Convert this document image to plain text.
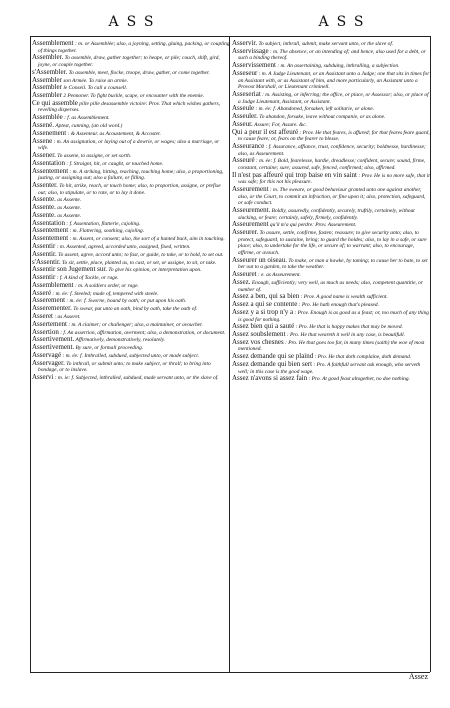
ASS	ASS
Assemblement : m. or Assemblée; also, a joyning, setting, gluing, packing, or coupling of things together.
Assembler. To assemble, draw, gather together; to heape, or pile; couch, shift, gird, joyne, or couple together.
s'Assembler. To assemble, meet, flocke, troope, draw, gather, or come together.
Assembler son Armée. To raise an armie.
Assembler le Conseil. To call a counsell.
Assembler 2 Pennoner. To fight buckle, scape, or encounter with the enemie.
Ce qui assemble pille pille desassemble victoire: Prov. That which wishes gathers, revelling disperses.
Assemblée : f. as Assemblement.
Assené. Aptest, cunning, (an old word.)
Assenement : & Assenteur. as Acoustement, & Accoster.
Assene : m. An assignation, or laying out of a dowrie, or wages; also a marriage, or wife.
Assener. To assene, to assigne, or set sorth.
Assentation : f. Straignt, hit, or caught, or touched home.
Assentement : m. A striking, hitting, reaching, touching home; also, a proportioning, justing, or assigning out; also a failure, or filling.
Assenter. To hit, strike, reach, or touch home; also, to proportion, assigne, or prefixe out; also, to stipulate, or to rate, or to lay it done.
Assente. as Assente.
Assente. as Assente.
Assente. as Assente.
Assentation : f. Assentation, flatterie, cajoling.
Assentement : m. Flattering, soothing, cajoling.
Assentement : m. Assent, or consent; also, the sort of a hunted buck, aim in touching.
Assentir : m. Assented, agreed, accorded unto, assigned, fixed, written.
Assentir. To assent, agree, accord unto; to fast, or guide, to take, or to hold, to set out.
s'Assentir. To sit, settle, place, planted as, to cast, or set, or assigne, to sit, or take.
Assentir son Jugement sur. To give his opinion, or interpretation upon.
Assentir : f. A kind of Tackle, or rage.
Assemblement : m. A soldiers order, or rage.
Asseré : m. ée: f. Steeled; made of, tempered with steele.
Asserement : m. ée: f. Sworne, bound by oath; or put upon his oath.
Asserementer. To swear, put unto an oath, bind by oath, take the oath of.
Asseret : as Asseret.
Assertement : m. A claimer; or challenger; also, a maintainer, or avoucher.
Assertion : f. An assertion, affirmation, averment; also, a demonstration, or document.
Assertivement. Affirmatively, demonstratively, resolutely.
Assertivement. By sure, or formall proceeding.
Asservagé : m. ée: f. Inthralled, subdued, subjected unto, or made subject.
Asservager. To inthrall, or submit unto; to make subject, or thrall; to bring into bondage, or to inslave.
Asservi : m. ie: f. Subjected, inthralled, subdued, made servant unto, or the slave of.
Asservir. To subject, inthrall, submit, make servant unto, or the slave of.
Asservissage : m. The absence, or an intending of; and hence, also used for a debt, or such a binding thereof.
Asservissement : m. An assertaining, subduing, inthralling, a subjection.
Asseseur : m. A Judge Lieutenant, or an Assistant unto a Judge; one that sits in times for an Assistant with, or as Assistant of him, and more particularly, an Assistant unto a Provost Marshall, or Lieutenant criminell.
Asseseriat : m. Assisting, or inferring; the office, or place, or Assessor; also, or place of a Judge Lieutenant, Assistant, or Assistant.
Asseule : m. ée: f. Abandoned, forsaken, left solitarie, or alone.
Asseuler. To abandon, forsake, leave without companie, or as alone.
Asseur. Assure; For, Assure. &c.
Qui a peur il est affeuré : Prov. He that feares, is affured; for that feares feare guard, to cause feare; or, fears on the fearer to blesse.
Asseurance : f. Assurance, affiance, trust, confidence, security; boldnesse, hardinesse; also, as Asseurement.
Asseuré : m. ée: f. Bold, fearelesse, hardie, dreadlesse; confident, secure; sound, firme, constant, certaine; sure; assured, safe, fenced, confirmed; also, affirmed.
Il n'est pas affeuré qui trop baise en vin saint : Prov. He is no more safe, that it was safe; for this not his pleasure.
Asseurement : m. The sweare, or good behaviour granted unto one against another, also, or the Court, to commit an infraction, or fine upon it; also, protection, safeguard, or safe conduct.
Asseurement. Boldly, assuredly, confidently, securely, truftily, certainely, without slacking, or feare; certainly, safely, firmely, confidently.
Asseurement qu'il m'a qui perdre: Prov. Asseurement.
Asseurer. To assure, settle, confirme, fasten; reassure; to give security unto; also, to protect, safeguard, to sustaine, bring; to guard the holdes; also, to lay in a safe, or sure place; also, to undertake for the life, or secure of; to warrant; also, to encourage, affirme, or avouch.
Asseurer un oiseau. To make, or man a hawke, by taming; to cause her to bate, to set her out to a garden, to take the weather.
Asseuret : e. as Asseurement.
Assez. Enough, sufficiently; very well, as much as needs; also, competent quantitie, or number of.
Assez a ben, qui sa bien : Prov. A good name is wealth sufficient.
Assez a qui se contente : Pro. He hath enough that's pleased.
Assez y a si trop n'y a : Prov. Enough is as good as a feast; or, too much of any thing is good for nothing.
Assez bien qui a sauté : Pro. He that is happy makes that may be moved.
Assez soubslement : Pro. He that weareth it well in any case, is beautifull.
Assez vos chesnes : Pro. He that goes too far, in many times (saith) the woe of most mentioned.
Assez demande qui se plaind : Pro. He that doth complaine, doth demand.
Assez demande qui bien sert : Pro. A faithfull servant ask enough, who serveth well; in this case is the good wage.
Assez n'avons si assez fain : Pro. At good feast altogether, no doe nothing.
Assez
